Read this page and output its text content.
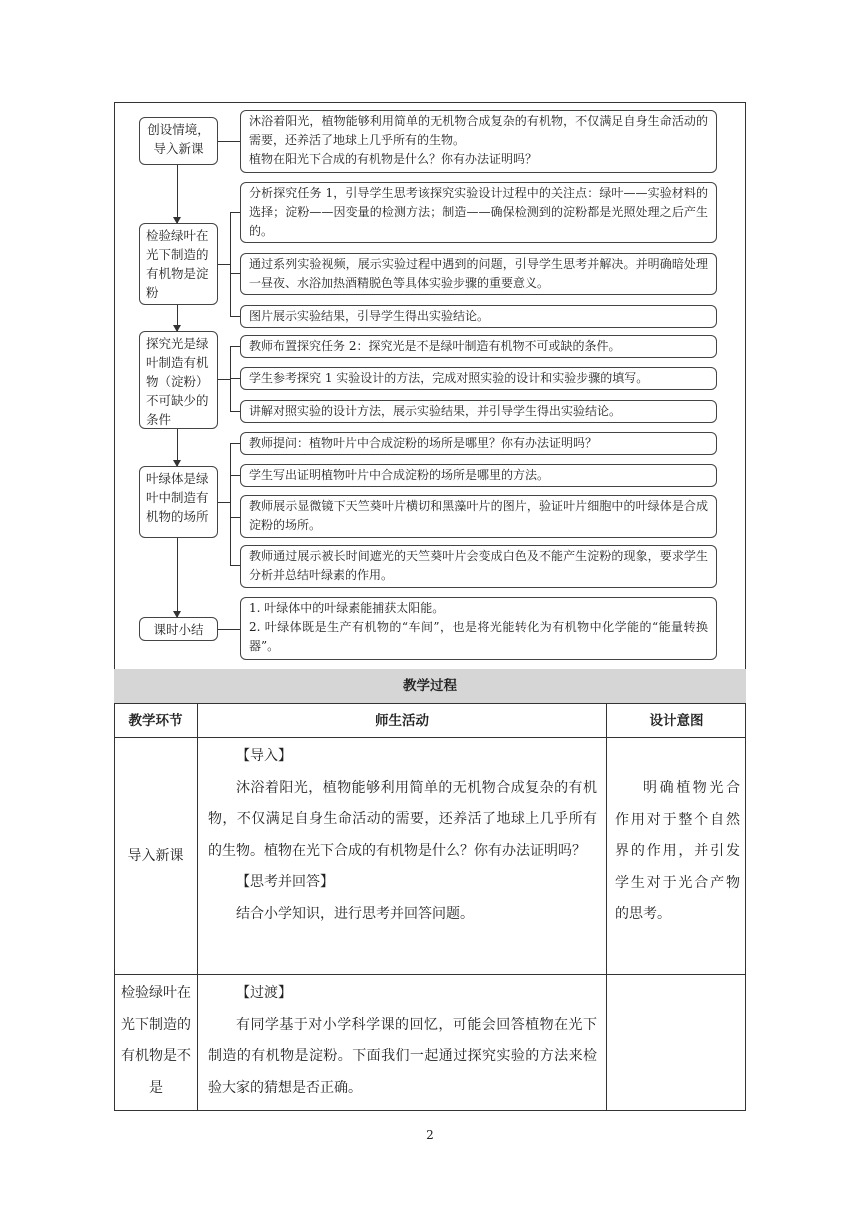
创设情境，导入新课
检验绿叶在光下制造的有机物是淀粉
探究光是绿叶制造有机物（淀粉）不可缺少的条件
叶绿体是绿叶中制造有机物的场所
课时小结
沐浴着阳光，植物能够利用简单的无机物合成复杂的有机物，不仅满足自身生命活动的需要，还养活了地球上几乎所有的生物。
植物在阳光下合成的有机物是什么？你有办法证明吗？
分析探究任务 1，引导学生思考该探究实验设计过程中的关注点：绿叶——实验材料的选择；淀粉——因变量的检测方法；制造——确保检测到的淀粉都是光照处理之后产生的。
通过系列实验视频，展示实验过程中遇到的问题，引导学生思考并解决。并明确暗处理一昼夜、水浴加热酒精脱色等具体实验步骤的重要意义。
图片展示实验结果，引导学生得出实验结论。
教师布置探究任务 2：探究光是不是绿叶制造有机物不可或缺的条件。
学生参考探究 1 实验设计的方法，完成对照实验的设计和实验步骤的填写。
讲解对照实验的设计方法，展示实验结果，并引导学生得出实验结论。
教师提问：植物叶片中合成淀粉的场所是哪里？你有办法证明吗？
学生写出证明植物叶片中合成淀粉的场所是哪里的方法。
教师展示显微镜下天竺葵叶片横切和黑藻叶片的图片，验证叶片细胞中的叶绿体是合成淀粉的场所。
教师通过展示被长时间遮光的天竺葵叶片会变成白色及不能产生淀粉的现象，要求学生分析并总结叶绿素的作用。
1. 叶绿体中的叶绿素能捕获太阳能。
2. 叶绿体既是生产有机物的“车间”，也是将光能转化为有机物中化学能的“能量转换器”。
教学过程
教学环节	师生活动	设计意图
导入新课

【导入】

沐浴着阳光，植物能够利用简单的无机物合成复杂的有机物，不仅满足自身生命活动的需要，还养活了地球上几乎所有的生物。植物在光下合成的有机物是什么？你有办法证明吗？

【思考并回答】

结合小学知识，进行思考并回答问题。

明确植物光合作用对于整个自然界的作用，并引发学生对于光合产物的思考。

检验绿叶在光下制造的有机物是不是

【过渡】

有同学基于对小学科学课的回忆，可能会回答植物在光下制造的有机物是淀粉。下面我们一起通过探究实验的方法来检验大家的猜想是否正确。

2
